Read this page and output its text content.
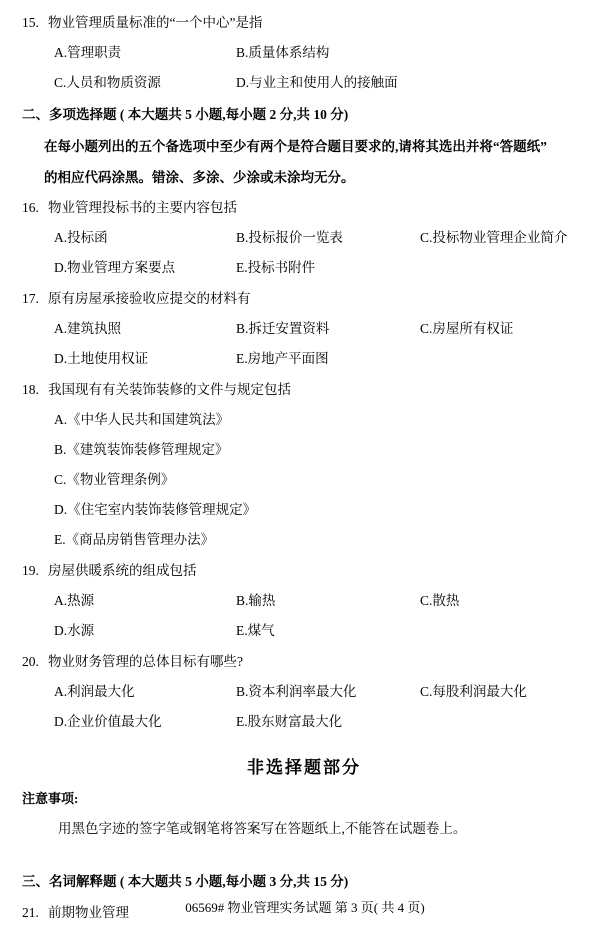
15. 物业管理质量标准的“一个中心”是指
A.管理职责	B.质量体系结构
C.人员和物质资源	D.与业主和使用人的接触面
二、多项选择题 ( 本大题共 5 小题,每小题 2 分,共 10 分)
在每小题列出的五个备选项中至少有两个是符合题目要求的,请将其选出并将“答题纸”
的相应代码涂黑。错涂、多涂、少涂或未涂均无分。
16. 物业管理投标书的主要内容包括
A.投标函	B.投标报价一览表	C.投标物业管理企业简介
D.物业管理方案要点	E.投标书附件
17. 原有房屋承接验收应提交的材料有
A.建筑执照	B.拆迁安置资料	C.房屋所有权证
D.土地使用权证	E.房地产平面图
18. 我国现有有关装饰装修的文件与规定包括
A.《中华人民共和国建筑法》
B.《建筑装饰装修管理规定》
C.《物业管理条例》
D.《住宅室内装饰装修管理规定》
E.《商品房销售管理办法》
19. 房屋供暖系统的组成包括
A.热源	B.输热	C.散热
D.水源	E.煤气
20. 物业财务管理的总体目标有哪些?
A.利润最大化	B.资本利润率最大化	C.每股利润最大化
D.企业价值最大化	E.股东财富最大化
非选择题部分
注意事项:
用黑色字迹的签字笔或钢笔将答案写在答题纸上,不能答在试题卷上。
三、名词解释题 ( 本大题共 5 小题,每小题 3 分,共 15 分)
21. 前期物业管理	06569# 物业管理实务试题 第 3 页( 共 4 页)
